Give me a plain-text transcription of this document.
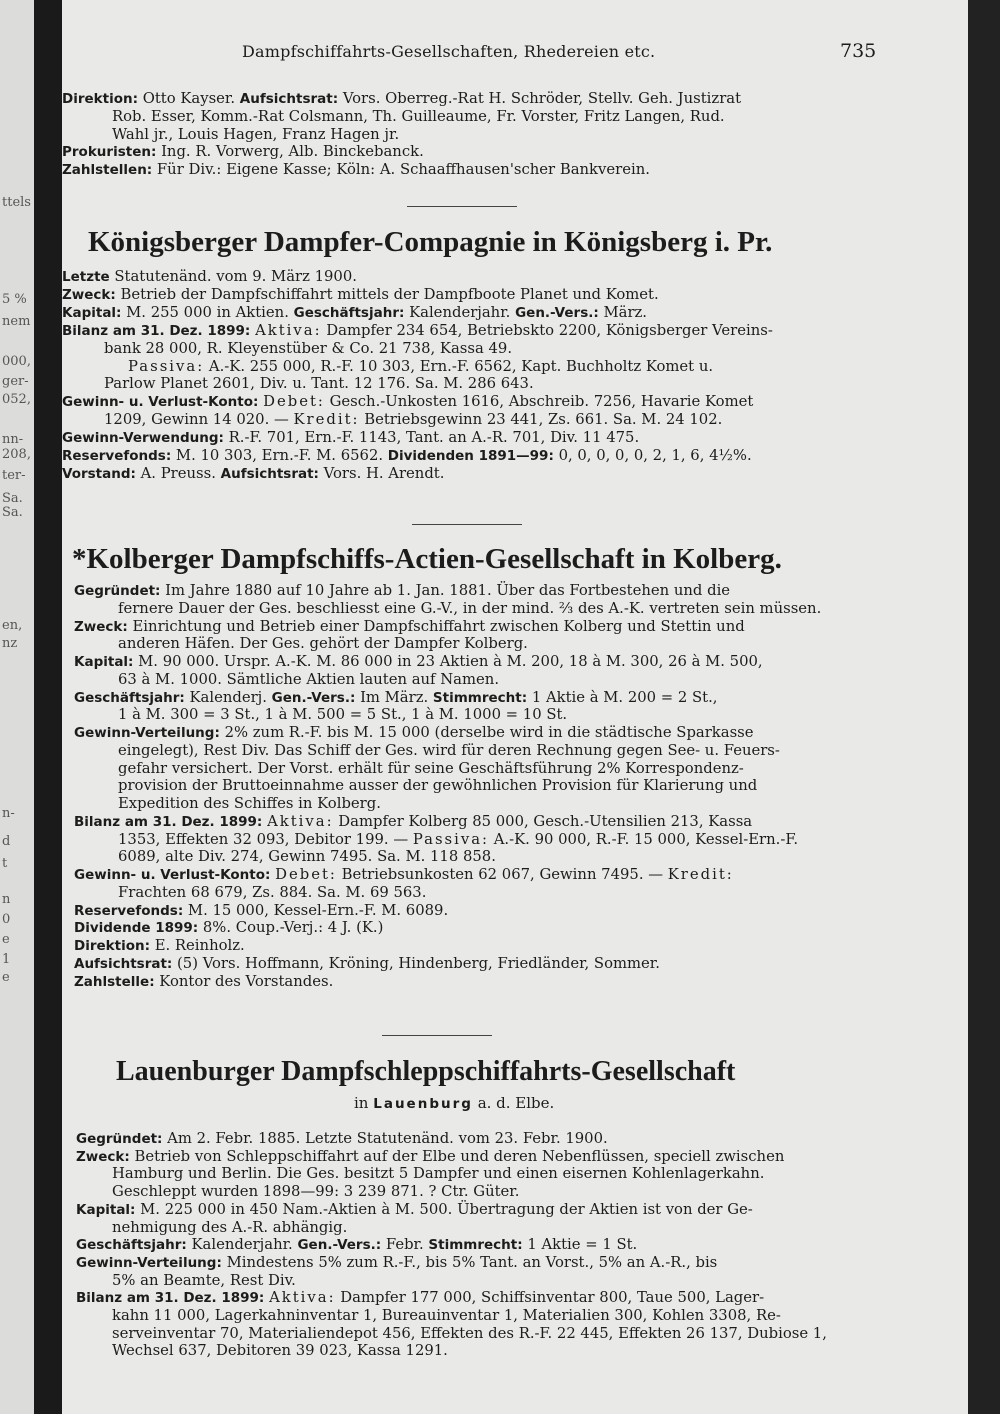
ttels
5 %
nem
000,
ger-
052,
nn-
208,
ter-
Sa.
Sa.
en,
nz
n-
d
t
n
0
e
1
e
Dampfschiffahrts-Gesellschaften, Rhedereien etc.	735
Direktion: Otto Kayser. Aufsichtsrat: Vors. Oberreg.-Rat H. Schröder, Stellv. Geh. Justizrat
Rob. Esser, Komm.-Rat Colsmann, Th. Guilleaume, Fr. Vorster, Fritz Langen, Rud.
Wahl jr., Louis Hagen, Franz Hagen jr.
Prokuristen: Ing. R. Vorwerg, Alb. Binckebanck.
Zahlstellen: Für Div.: Eigene Kasse; Köln: A. Schaaffhausen'scher Bankverein.
Königsberger Dampfer-Compagnie in Königsberg i. Pr.
Letzte Statutenänd. vom 9. März 1900.
Zweck: Betrieb der Dampfschiffahrt mittels der Dampfboote Planet und Komet.
Kapital: M. 255 000 in Aktien. Geschäftsjahr: Kalenderjahr. Gen.-Vers.: März.
Bilanz am 31. Dez. 1899: Aktiva: Dampfer 234 654, Betriebskto 2200, Königsberger Vereins-
bank 28 000, R. Kleyenstüber & Co. 21 738, Kassa 49.
Passiva: A.-K. 255 000, R.-F. 10 303, Ern.-F. 6562, Kapt. Buchholtz Komet u.
Parlow Planet 2601, Div. u. Tant. 12 176. Sa. M. 286 643.
Gewinn- u. Verlust-Konto: Debet: Gesch.-Unkosten 1616, Abschreib. 7256, Havarie Komet
1209, Gewinn 14 020. — Kredit: Betriebsgewinn 23 441, Zs. 661. Sa. M. 24 102.
Gewinn-Verwendung: R.-F. 701, Ern.-F. 1143, Tant. an A.-R. 701, Div. 11 475.
Reservefonds: M. 10 303, Ern.-F. M. 6562. Dividenden 1891—99: 0, 0, 0, 0, 0, 2, 1, 6, 4½%.
Vorstand: A. Preuss. Aufsichtsrat: Vors. H. Arendt.
*Kolberger Dampfschiffs-Actien-Gesellschaft in Kolberg.
Gegründet: Im Jahre 1880 auf 10 Jahre ab 1. Jan. 1881. Über das Fortbestehen und die
fernere Dauer der Ges. beschliesst eine G.-V., in der mind. ⅔ des A.-K. vertreten sein müssen.
Zweck: Einrichtung und Betrieb einer Dampfschiffahrt zwischen Kolberg und Stettin und
anderen Häfen. Der Ges. gehört der Dampfer Kolberg.
Kapital: M. 90 000. Urspr. A.-K. M. 86 000 in 23 Aktien à M. 200, 18 à M. 300, 26 à M. 500,
63 à M. 1000. Sämtliche Aktien lauten auf Namen.
Geschäftsjahr: Kalenderj. Gen.-Vers.: Im März. Stimmrecht: 1 Aktie à M. 200 = 2 St.,
1 à M. 300 = 3 St., 1 à M. 500 = 5 St., 1 à M. 1000 = 10 St.
Gewinn-Verteilung: 2% zum R.-F. bis M. 15 000 (derselbe wird in die städtische Sparkasse
eingelegt), Rest Div. Das Schiff der Ges. wird für deren Rechnung gegen See- u. Feuers-
gefahr versichert. Der Vorst. erhält für seine Geschäftsführung 2% Korrespondenz-
provision der Bruttoeinnahme ausser der gewöhnlichen Provision für Klarierung und
Expedition des Schiffes in Kolberg.
Bilanz am 31. Dez. 1899: Aktiva: Dampfer Kolberg 85 000, Gesch.-Utensilien 213, Kassa
1353, Effekten 32 093, Debitor 199. — Passiva: A.-K. 90 000, R.-F. 15 000, Kessel-Ern.-F.
6089, alte Div. 274, Gewinn 7495. Sa. M. 118 858.
Gewinn- u. Verlust-Konto: Debet: Betriebsunkosten 62 067, Gewinn 7495. — Kredit:
Frachten 68 679, Zs. 884. Sa. M. 69 563.
Reservefonds: M. 15 000, Kessel-Ern.-F. M. 6089.
Dividende 1899: 8%. Coup.-Verj.: 4 J. (K.)
Direktion: E. Reinholz.
Aufsichtsrat: (5) Vors. Hoffmann, Kröning, Hindenberg, Friedländer, Sommer.
Zahlstelle: Kontor des Vorstandes.
Lauenburger Dampfschleppschiffahrts-Gesellschaft
in Lauenburg a. d. Elbe.
Gegründet: Am 2. Febr. 1885. Letzte Statutenänd. vom 23. Febr. 1900.
Zweck: Betrieb von Schleppschiffahrt auf der Elbe und deren Nebenflüssen, speciell zwischen
Hamburg und Berlin. Die Ges. besitzt 5 Dampfer und einen eisernen Kohlenlagerkahn.
Geschleppt wurden 1898—99: 3 239 871. ? Ctr. Güter.
Kapital: M. 225 000 in 450 Nam.-Aktien à M. 500. Übertragung der Aktien ist von der Ge-
nehmigung des A.-R. abhängig.
Geschäftsjahr: Kalenderjahr. Gen.-Vers.: Febr. Stimmrecht: 1 Aktie = 1 St.
Gewinn-Verteilung: Mindestens 5% zum R.-F., bis 5% Tant. an Vorst., 5% an A.-R., bis
5% an Beamte, Rest Div.
Bilanz am 31. Dez. 1899: Aktiva: Dampfer 177 000, Schiffsinventar 800, Taue 500, Lager-
kahn 11 000, Lagerkahninventar 1, Bureauinventar 1, Materialien 300, Kohlen 3308, Re-
serveinventar 70, Materialiendepot 456, Effekten des R.-F. 22 445, Effekten 26 137, Dubiose 1,
Wechsel 637, Debitoren 39 023, Kassa 1291.
